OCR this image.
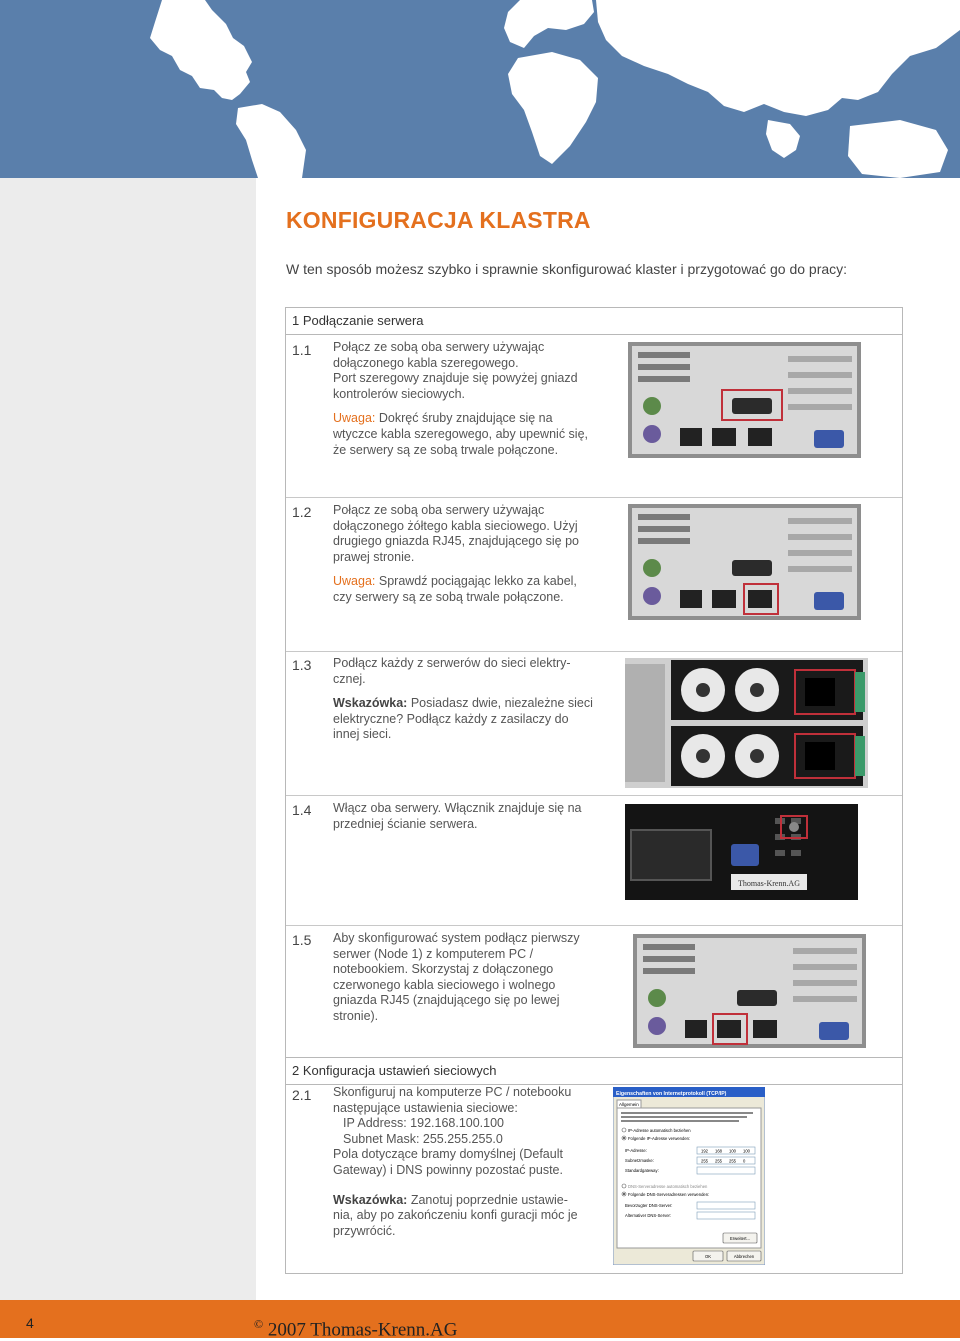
KONFIGURACJA KLASTRA
W ten sposób możesz szybko i sprawnie skonfigurować klaster i przygotować go do pracy:
1 Podłączanie serwera
1.1 Połącz ze sobą oba serwery używając
dołączonego kabla szeregowego.
Port szeregowy znajduje się powyżej gniazd
kontrolerów sieciowych.

Uwaga: Dokręć śruby znajdujące się na
wtyczce kabla szeregowego, aby upewnić się,
że serwery są ze sobą trwale połączone.

1.2 Połącz ze sobą oba serwery używając
dołączonego żółtego kabla sieciowego. Użyj
drugiego gniazda RJ45, znajdującego się po
prawej stronie.

Uwaga: Sprawdź pociągając lekko za kabel,
czy serwery są ze sobą trwale połączone.

1.3 Podłącz każdy z serwerów do sieci elektry-
cznej.

Wskazówka: Posiadasz dwie, niezależne sieci
elektryczne? Podłącz każdy z zasilaczy do
innej sieci.

1.4 Włącz oba serwery. Włącznik znajduje się na
przedniej ścianie serwera.

Thomas-Krenn.AG
1.5 Aby skonfigurować system podłącz pierwszy
serwer (Node 1) z komputerem PC /
notebookiem. Skorzystaj z dołączonego
czerwonego kabla sieciowego i wolnego
gniazda RJ45 (znajdującego się po lewej
stronie).

2 Konfiguracja ustawień sieciowych
2.1 Skonfiguruj na komputerze PC / notebooku
następujące ustawienia sieciowe:
IP Address: 192.168.100.100
Subnet Mask: 255.255.255.0
Pola dotyczące bramy domyślnej (Default
Gateway) i DNS powinny pozostać puste.

Wskazówka: Zanotuj poprzednie ustawie-
nia, aby po zakończeniu konfi guracji móc je
przywrócić.

Eigenschaften von Internetprotokoll (TCP/IP)
Allgemein
IP-Adresse automatisch beziehen
Folgende IP-Adresse verwenden:
IP-Adresse:	192 168 100 100
Subnetzmaske:	255 255 255 0
Standardgateway:
DNS-Serveradresse automatisch beziehen
Folgende DNS-Serveradressen verwenden:
Bevorzugter DNS-Server:
Alternativer DNS-Server:
Erweitert...
OK	Abbrechen
4	© 2007 Thomas-Krenn.AG
